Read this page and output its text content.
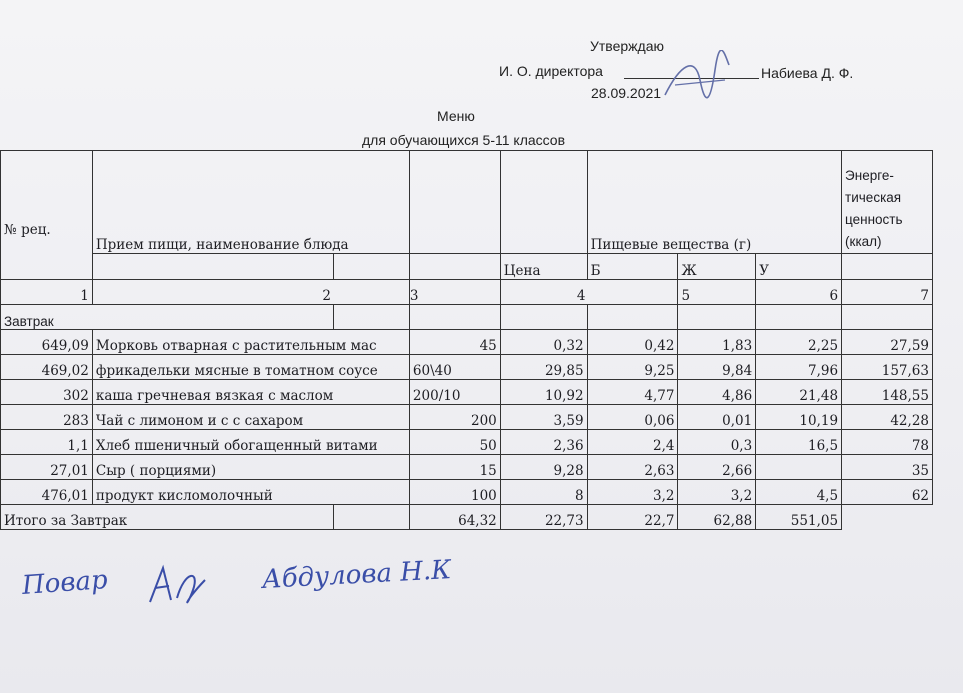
Утверждаю
И. О. директора	Набиева Д. Ф.
28.09.2021
Меню
для обучающихся 5-11 классов
№ рец.	Прием пищи, наименование блюда				Пищевые вещества (г)			Энерге-тическая ценность (ккал)
				Цена	Б	Ж	У	
1	2		3	4		5	6	7
Завтрак								
649,09	Морковь отварная с растительным мас		45	0,32	0,42	1,83	2,25	27,59
469,02	фрикадельки мясные в томатном соусе		60\40	29,85	9,25	9,84	7,96	157,63
302	каша гречневая вязкая с маслом		200/10	10,92	4,77	4,86	21,48	148,55
283	Чай с лимоном и с с сахаром		200	3,59	0,06	0,01	10,19	42,28
1,1	Хлеб пшеничный обогащенный витами		50	2,36	2,4	0,3	16,5	78
27,01	Сыр ( порциями)		15	9,28	2,63	2,66		35
476,01	продукт кисломолочный		100	8	3,2	3,2	4,5	62
Итого за Завтрак			64,32	22,73	22,7	62,88	551,05
Повар	Абдулова Н.К
